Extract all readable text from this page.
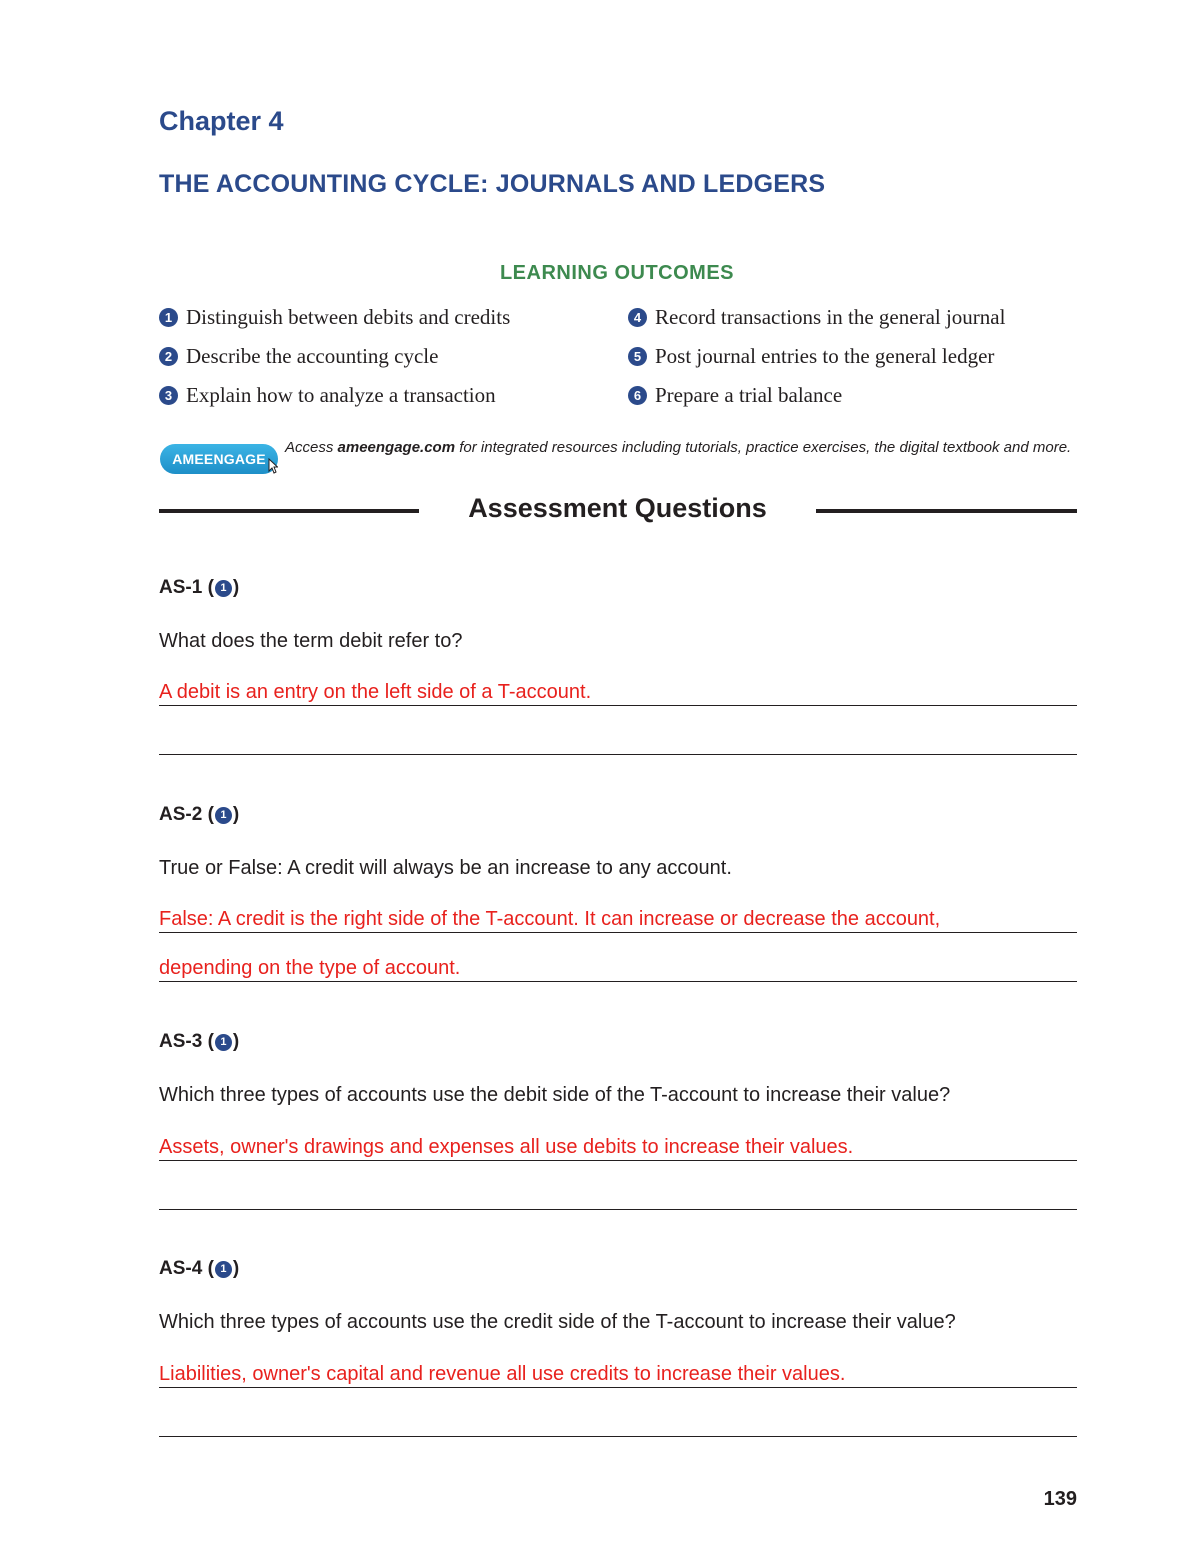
Chapter 4
THE ACCOUNTING CYCLE: JOURNALS AND LEDGERS
LEARNING OUTCOMES
1 Distinguish between debits and credits
2 Describe the accounting cycle
3 Explain how to analyze a transaction
4 Record transactions in the general journal
5 Post journal entries to the general ledger
6 Prepare a trial balance
AMEENGAGE
Access ameengage.com for integrated resources including tutorials, practice exercises, the digital textbook and more.
Assessment Questions
AS-1 ( 1 )
What does the term debit refer to?
A debit is an entry on the left side of a T-account.
AS-2 ( 1 )
True or False: A credit will always be an increase to any account.
False: A credit is the right side of the T-account. It can increase or decrease the account,
depending on the type of account.
AS-3 ( 1 )
Which three types of accounts use the debit side of the T-account to increase their value?
Assets, owner's drawings and expenses all use debits to increase their values.
AS-4 ( 1 )
Which three types of accounts use the credit side of the T-account to increase their value?
Liabilities, owner's capital and revenue all use credits to increase their values.
139
